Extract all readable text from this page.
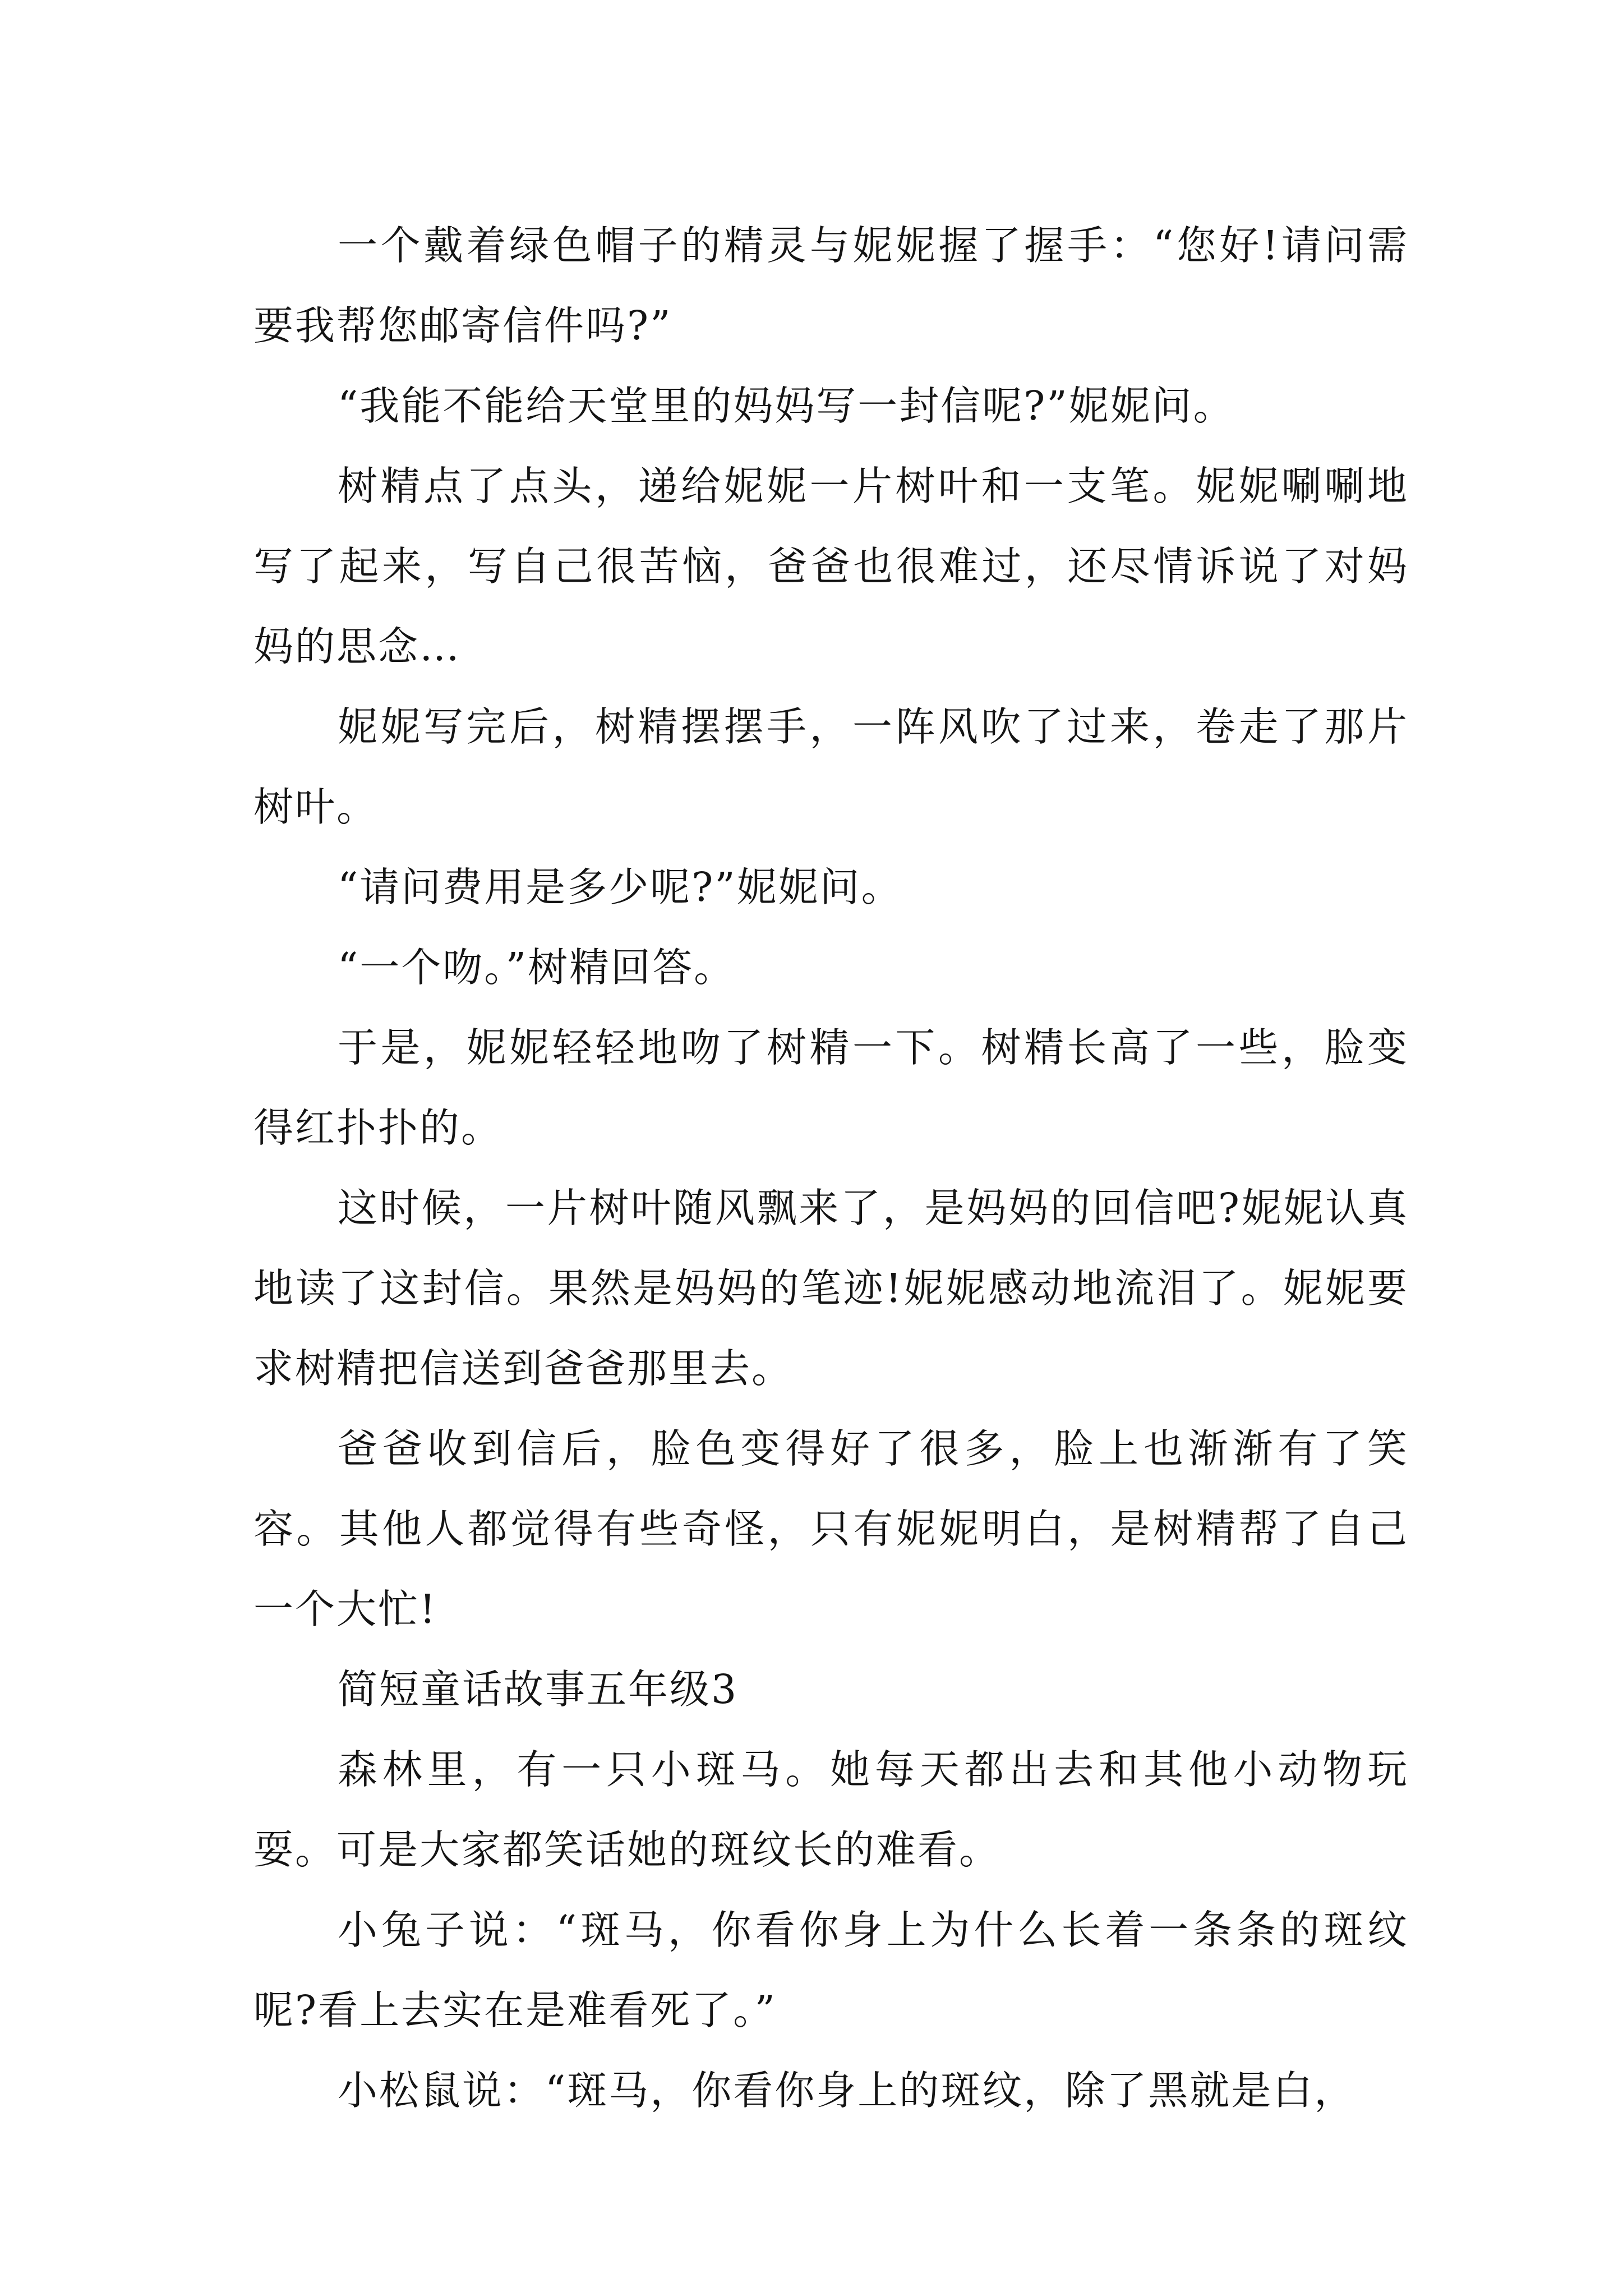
一个戴着绿色帽子的精灵与妮妮握了握手：“您好!请问需要我帮您邮寄信件吗?”

“我能不能给天堂里的妈妈写一封信呢?”妮妮问。

树精点了点头，递给妮妮一片树叶和一支笔。妮妮唰唰地写了起来，写自己很苦恼，爸爸也很难过，还尽情诉说了对妈妈的思念…

妮妮写完后，树精摆摆手，一阵风吹了过来，卷走了那片树叶。

“请问费用是多少呢?”妮妮问。

“一个吻。”树精回答。

于是，妮妮轻轻地吻了树精一下。树精长高了一些，脸变得红扑扑的。

这时候，一片树叶随风飘来了，是妈妈的回信吧?妮妮认真地读了这封信。果然是妈妈的笔迹!妮妮感动地流泪了。妮妮要求树精把信送到爸爸那里去。

爸爸收到信后，脸色变得好了很多，脸上也渐渐有了笑容。其他人都觉得有些奇怪，只有妮妮明白，是树精帮了自己一个大忙!

简短童话故事五年级3

森林里，有一只小斑马。她每天都出去和其他小动物玩耍。可是大家都笑话她的斑纹长的难看。

小兔子说：“斑马，你看你身上为什么长着一条条的斑纹呢?看上去实在是难看死了。”

小松鼠说：“斑马，你看你身上的斑纹，除了黑就是白，
